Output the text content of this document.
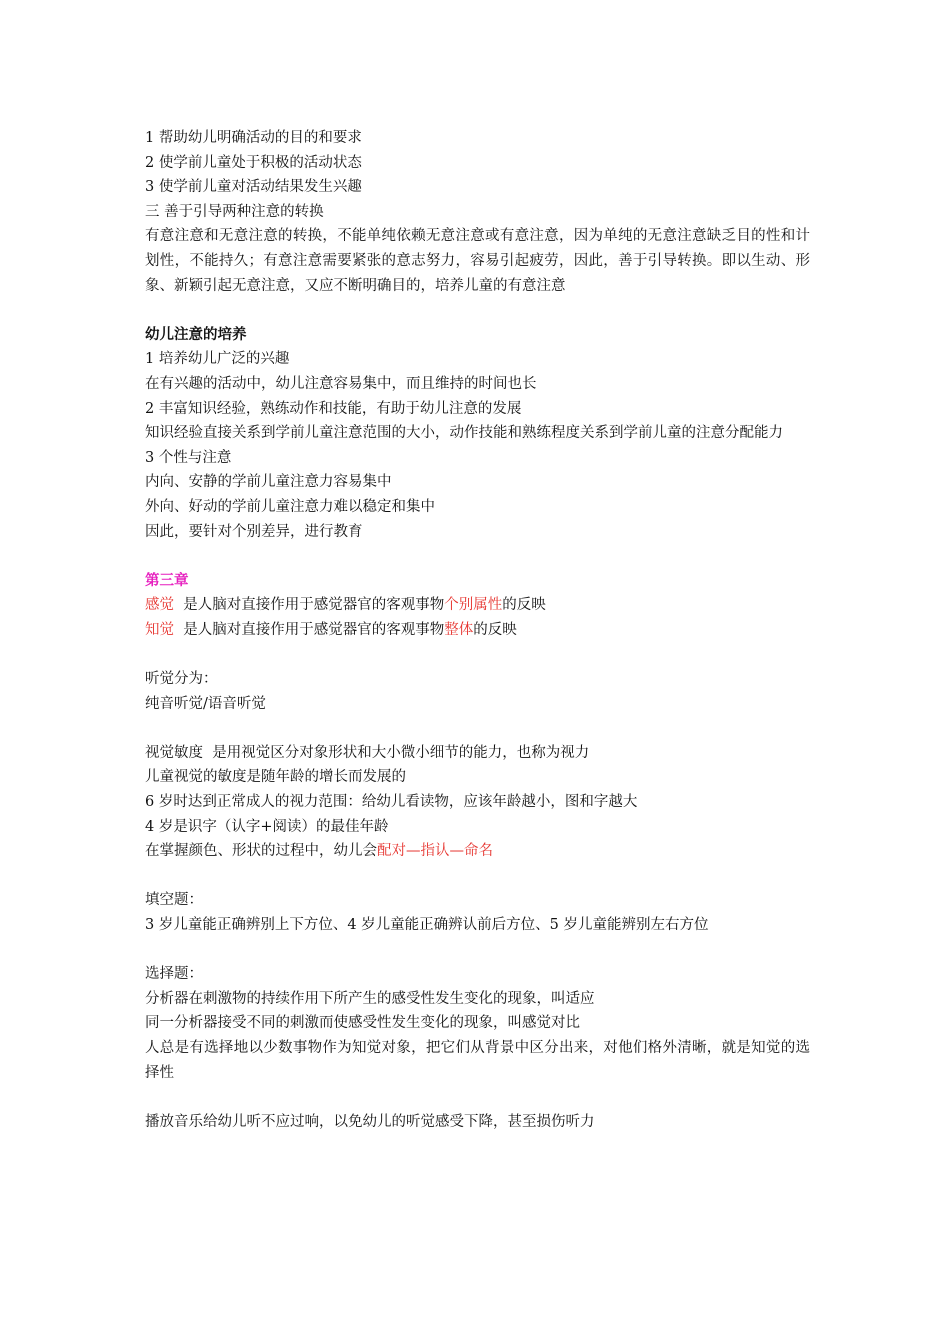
1 帮助幼儿明确活动的目的和要求
2 使学前儿童处于积极的活动状态
3 使学前儿童对活动结果发生兴趣
三 善于引导两种注意的转换
有意注意和无意注意的转换，不能单纯依赖无意注意或有意注意，因为单纯的无意注意缺乏目的性和计划性，不能持久；有意注意需要紧张的意志努力，容易引起疲劳，因此，善于引导转换。即以生动、形象、新颖引起无意注意，又应不断明确目的，培养儿童的有意注意
幼儿注意的培养
1 培养幼儿广泛的兴趣
在有兴趣的活动中，幼儿注意容易集中，而且维持的时间也长
2 丰富知识经验，熟练动作和技能，有助于幼儿注意的发展
知识经验直接关系到学前儿童注意范围的大小，动作技能和熟练程度关系到学前儿童的注意分配能力
3 个性与注意
内向、安静的学前儿童注意力容易集中
外向、好动的学前儿童注意力难以稳定和集中
因此，要针对个别差异，进行教育
第三章
感觉  是人脑对直接作用于感觉器官的客观事物个别属性的反映
知觉  是人脑对直接作用于感觉器官的客观事物整体的反映
听觉分为：
纯音听觉/语音听觉
视觉敏度  是用视觉区分对象形状和大小微小细节的能力，也称为视力
儿童视觉的敏度是随年龄的增长而发展的
6 岁时达到正常成人的视力范围：给幼儿看读物，应该年龄越小，图和字越大
4 岁是识字（认字+阅读）的最佳年龄
在掌握颜色、形状的过程中，幼儿会配对—指认—命名
填空题：
3 岁儿童能正确辨别上下方位、4 岁儿童能正确辨认前后方位、5 岁儿童能辨别左右方位
选择题：
分析器在刺激物的持续作用下所产生的感受性发生变化的现象，叫适应
同一分析器接受不同的刺激而使感受性发生变化的现象，叫感觉对比
人总是有选择地以少数事物作为知觉对象，把它们从背景中区分出来，对他们格外清晰，就是知觉的选择性
播放音乐给幼儿听不应过响，以免幼儿的听觉感受下降，甚至损伤听力
